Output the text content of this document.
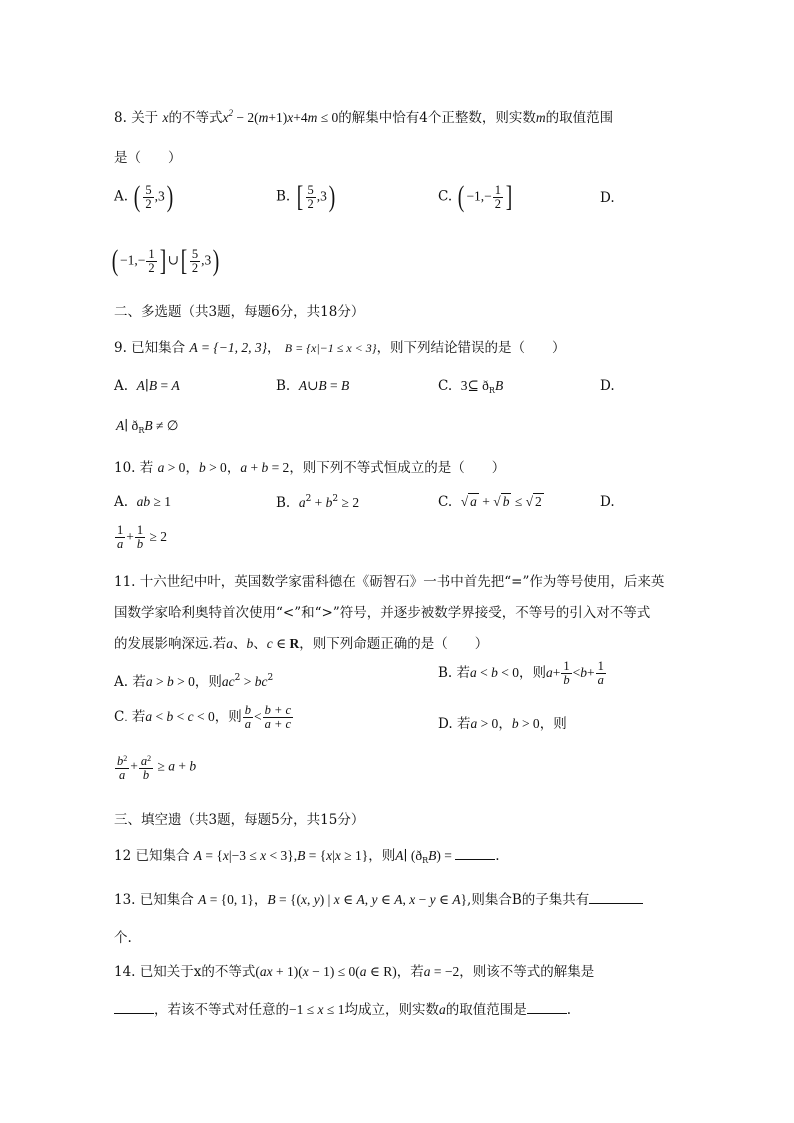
8. 关于 x的不等式$x^2 - 2(m+1)x+4m \le 0$的解集中恰有4个正整数，则实数m的取值范围
是（　　）
A. ( $\frac{5}{2} ,3$)	B. [ $\frac{5}{2} ,3$)	C. ( $-1,- \frac{1}{2}$ ]	D.
( $-1,- \frac{1}{2}$ ] ∪[ $\frac{5}{2} ,3$)
二、多选题（共3题，每题6分，共18分）
9. 已知集合 A = {−1, 2, 3}， B = {x|−1 ≤ x < 3}，则下列结论错误的是（　　）
A. A∣B = A	B. A∪B = B	C. 3⊆ $ð_RB$	D.
A∣ $ð_RB$ ≠ ∅
10. 若 a > 0，b > 0，a + b = 2，则下列不等式恒成立的是（　　）
A. ab ≥ 1	B. $a^2 + b^2 \ge 2$	C. √ a + √ b ≤ √ 2	D.
$\frac{1}{a} + \frac{1}{b} \ge 2$
11. 十六世纪中叶，英国数学家雷科德在《砺智石》一书中首先把“=”作为等号使用，后来英
国数学家哈利奥特首次使用“<”和“>”符号，并逐步被数学界接受，不等号的引入对不等式
的发展影响深远.若a、b、c ∈ R，则下列命题正确的是（　　）
A. 若a > b > 0，则$ac^2 > bc^2$	B. 若a < b < 0，则$a+ \frac{1}{b} <b+ \frac{1}{a}$
C. 若a < b < c < 0，则 $\frac{b}{a} < \frac{b + c}{a + c}$	D. 若a > 0，b > 0，则
$\frac{b^2}{a} + \frac{a^2}{b} \ge a + b$
三、填空遗（共3题，每题5分，共15分）
12 已知集合 A = {x|−3 ≤ x < 3},B = {x|x ≥ 1}，则A∣ $(ð_RB)$ =	.
13. 已知集合 A = {0, 1}，B = {(x, y) | x ∈ A, y ∈ A, x − y ∈ A},则集合B的子集共有
个.
14. 已知关于x的不等式(ax + 1)(x − 1) ≤ 0(a ∈ R)，若a = −2，则该不等式的解集是
，若该不等式对任意的−1 ≤ x ≤ 1均成立，则实数a的取值范围是	.
